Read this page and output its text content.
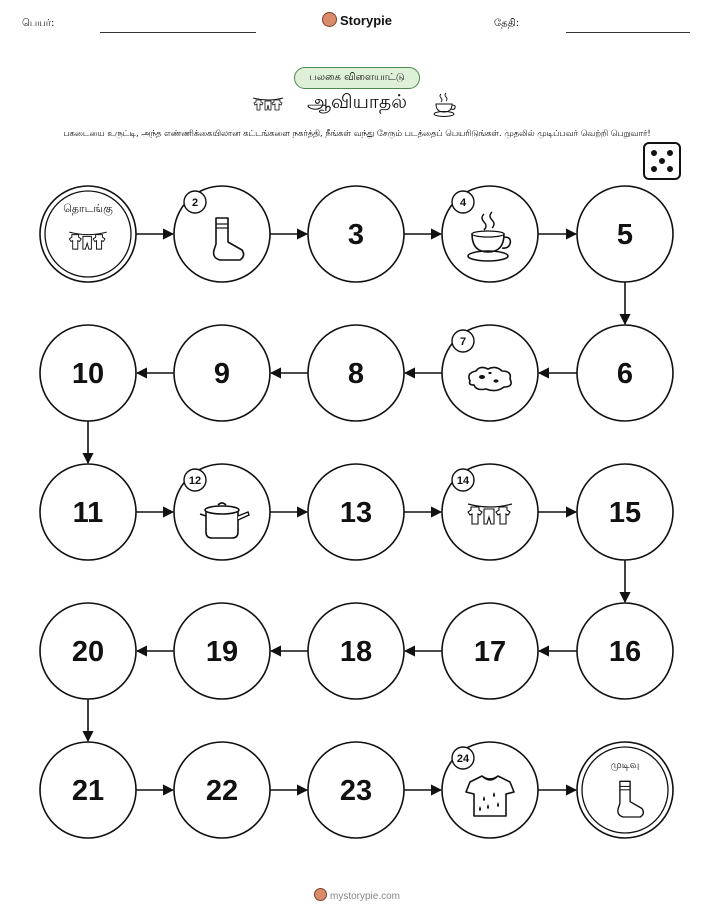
பெயர்:	Storypie	தேதி:
பலகை விளையாட்டு
ஆவியாதல்
பகடையை உருட்டி, அந்த எண்ணிக்கையிலான கட்டங்களை நகர்த்தி, நீங்கள் வந்து சேரும் படத்தைப் பெயரிடுங்கள். முதலில் முடிப்பவர் வெற்றி பெறுவார்!
தொடங்கு	2
3
4
5
6
7
8
9
10
11
12
13
14
15
16
17
18
19
20
21	22	23
24
முடிவு
mystorypie.com
